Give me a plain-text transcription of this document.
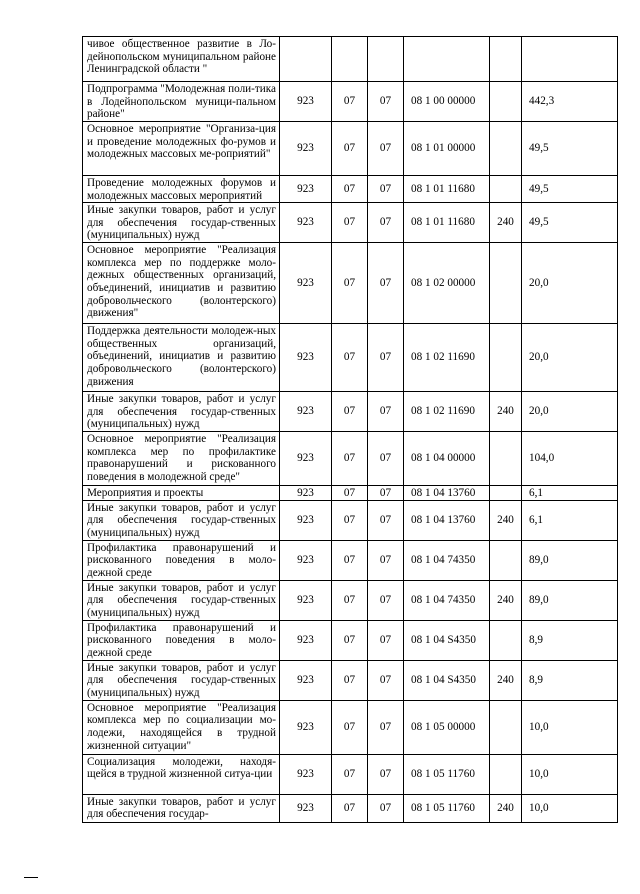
чивое общественное развитие в Ло-дейнопольском муниципальном районе Ленинградской области "						
Подпрограмма "Молодежная поли-тика в Лодейнопольском муници-пальном районе"	923	07	07	08 1 00 00000		442,3
Основное мероприятие "Организа-ция и проведение молодежных фо-румов и молодежных массовых ме-роприятий"	923	07	07	08 1 01 00000		49,5
Проведение молодежных форумов и молодежных массовых мероприятий	923	07	07	08 1 01 11680		49,5
Иные закупки товаров, работ и услуг для обеспечения государ-ственных (муниципальных) нужд	923	07	07	08 1 01 11680	240	49,5
Основное мероприятие "Реализация комплекса мер по поддержке моло-дежных общественных организаций, объединений, инициатив и развитию добровольческого (волонтерского) движения"	923	07	07	08 1 02 00000		20,0
Поддержка деятельности молодеж-ных общественных организаций, объединений, инициатив и развитию добровольческого (волонтерского) движения	923	07	07	08 1 02 11690		20,0
Иные закупки товаров, работ и услуг для обеспечения государ-ственных (муниципальных) нужд	923	07	07	08 1 02 11690	240	20,0
Основное мероприятие "Реализация комплекса мер по профилактике правонарушений и рискованного поведения в молодежной среде"	923	07	07	08 1 04 00000		104,0
Мероприятия и проекты	923	07	07	08 1 04 13760		6,1
Иные закупки товаров, работ и услуг для обеспечения государ-ственных (муниципальных) нужд	923	07	07	08 1 04 13760	240	6,1
Профилактика правонарушений и рискованного поведения в моло-дежной среде	923	07	07	08 1 04 74350		89,0
Иные закупки товаров, работ и услуг для обеспечения государ-ственных (муниципальных) нужд	923	07	07	08 1 04 74350	240	89,0
Профилактика правонарушений и рискованного поведения в моло-дежной среде	923	07	07	08 1 04 S4350		8,9
Иные закупки товаров, работ и услуг для обеспечения государ-ственных (муниципальных) нужд	923	07	07	08 1 04 S4350	240	8,9
Основное мероприятие "Реализация комплекса мер по социализации мо-лодежи, находящейся в трудной жизненной ситуации"	923	07	07	08 1 05 00000		10,0
Социализация молодежи, находя-щейся в трудной жизненной ситуа-ции	923	07	07	08 1 05 11760		10,0
Иные закупки товаров, работ и услуг для обеспечения государ-	923	07	07	08 1 05 11760	240	10,0
